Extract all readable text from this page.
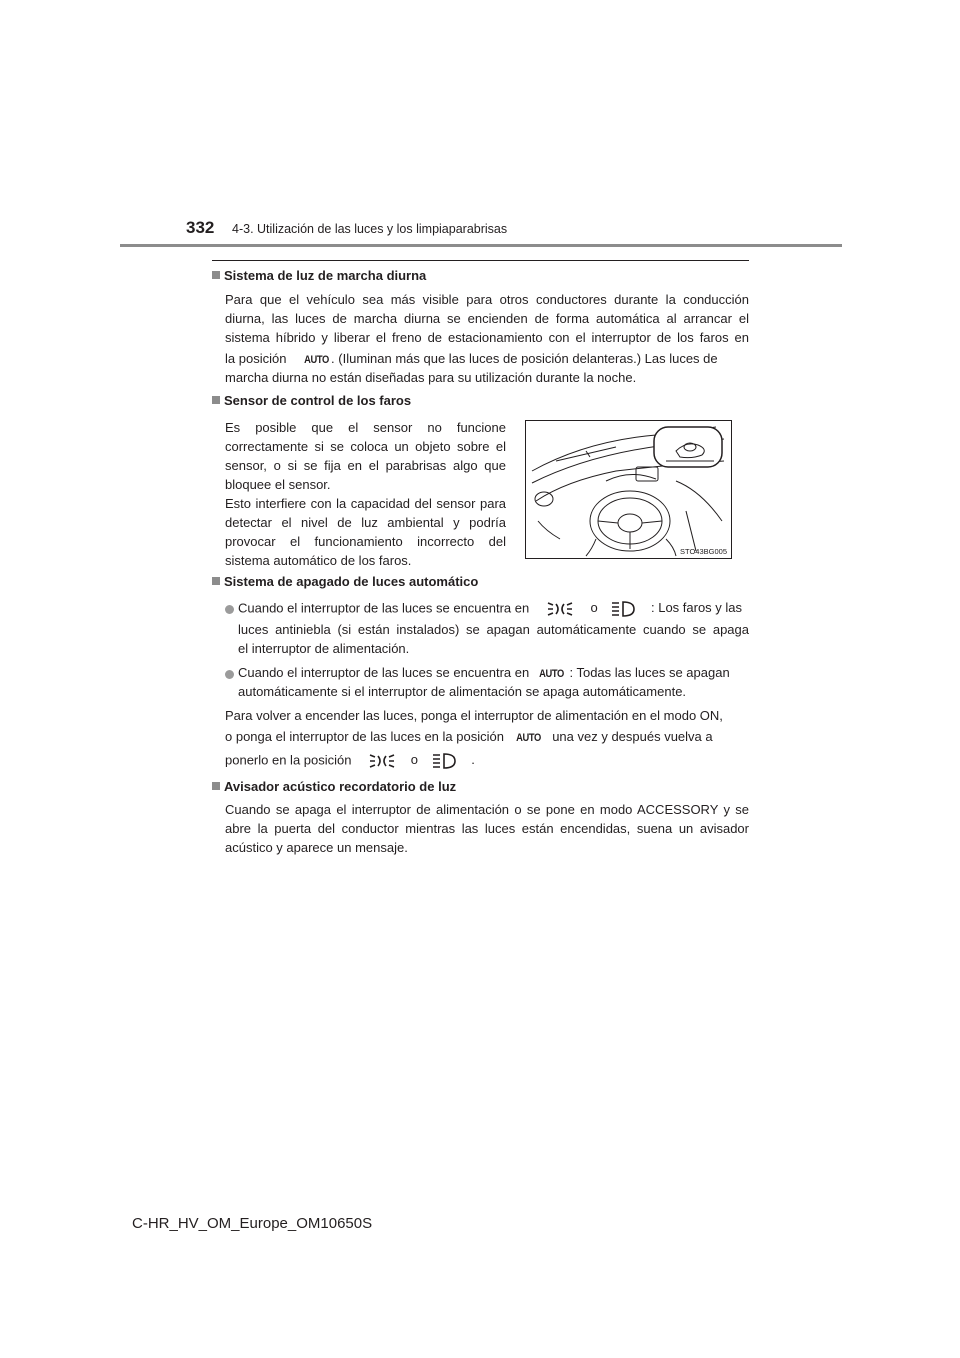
332 4-3. Utilización de las luces y los limpiaparabrisas
Sistema de luz de marcha diurna
Para que el vehículo sea más visible para otros conductores durante la conducción
diurna, las luces de marcha diurna se encienden de forma automática al arrancar el
sistema híbrido y liberar el freno de estacionamiento con el interruptor de los faros en
la posición AUTO . (Iluminan más que las luces de posición delanteras.) Las luces de
marcha diurna no están diseñadas para su utilización durante la noche.
Sensor de control de los faros
Es posible que el sensor no funcione correctamente si se coloca un objeto sobre el sensor, o si se fija en el parabrisas algo que bloquee el sensor.
Esto interfiere con la capacidad del sensor para detectar el nivel de luz ambiental y podría provocar el funcionamiento incorrecto del sistema automático de los faros.
STO43BG005
Sistema de apagado de luces automático
Cuando el interruptor de las luces se encuentra en	o	: Los faros y las
luces antiniebla (si están instalados) se apagan automáticamente cuando se apaga
el interruptor de alimentación.
Cuando el interruptor de las luces se encuentra en AUTO : Todas las luces se apagan
automáticamente si el interruptor de alimentación se apaga automáticamente.
Para volver a encender las luces, ponga el interruptor de alimentación en el modo ON,
o ponga el interruptor de las luces en la posición AUTO una vez y después vuelva a
ponerlo en la posición	o	.
Avisador acústico recordatorio de luz
Cuando se apaga el interruptor de alimentación o se pone en modo ACCESSORY y se abre la puerta del conductor mientras las luces están encendidas, suena un avisador acústico y aparece un mensaje.
C-HR_HV_OM_Europe_OM10650S
